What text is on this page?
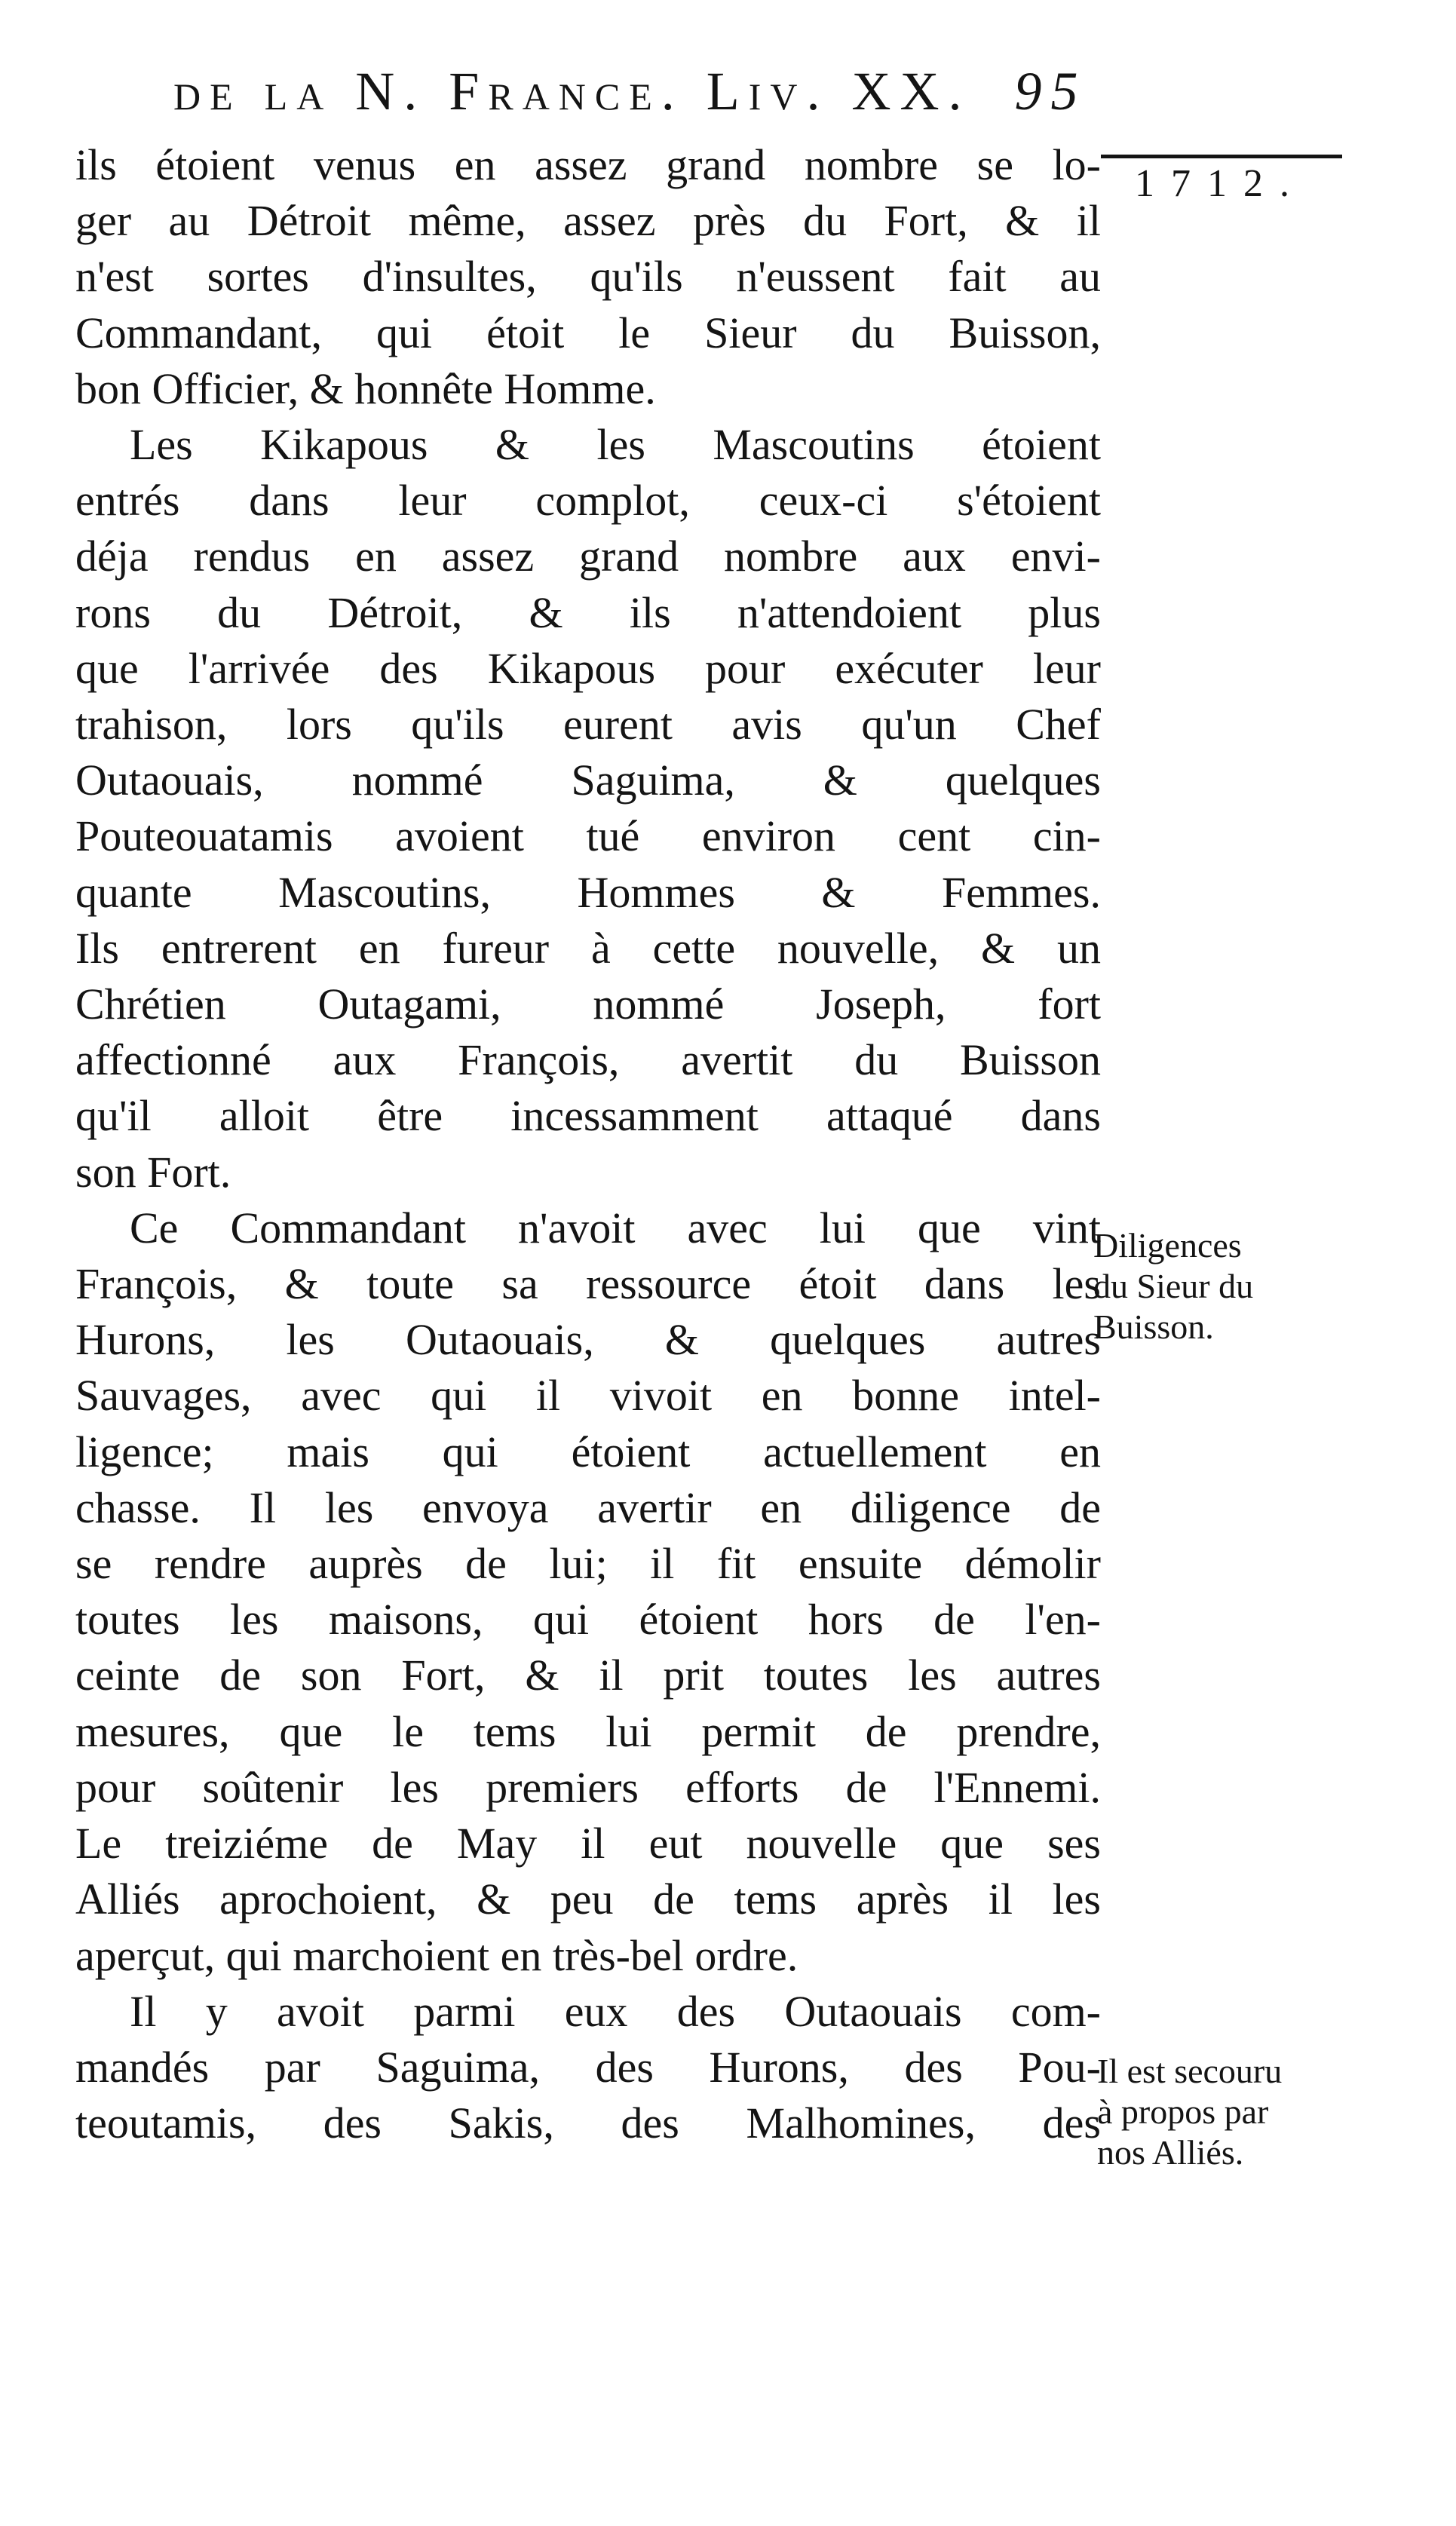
de la N. France. Liv. XX. 95
1712.
ils étoient venus en assez grand nombre se lo-
ger au Détroit même, assez près du Fort, & il
n'est sortes d'insultes, qu'ils n'eussent fait au
Commandant, qui étoit le Sieur du Buisson,
bon Officier, & honnête Homme.
Les Kikapous & les Mascoutins étoient
entrés dans leur complot, ceux-ci s'étoient
déja rendus en assez grand nombre aux envi-
rons du Détroit, & ils n'attendoient plus
que l'arrivée des Kikapous pour exécuter leur
trahison, lors qu'ils eurent avis qu'un Chef
Outaouais, nommé Saguima, & quelques
Pouteouatamis avoient tué environ cent cin-
quante Mascoutins, Hommes & Femmes.
Ils entrerent en fureur à cette nouvelle, & un
Chrétien Outagami, nommé Joseph, fort
affectionné aux François, avertit du Buisson
qu'il alloit être incessamment attaqué dans
son Fort.
Ce Commandant n'avoit avec lui que vint
François, & toute sa ressource étoit dans les
Hurons, les Outaouais, & quelques autres
Sauvages, avec qui il vivoit en bonne intel-
ligence; mais qui étoient actuellement en
chasse. Il les envoya avertir en diligence de
se rendre auprès de lui; il fit ensuite démolir
toutes les maisons, qui étoient hors de l'en-
ceinte de son Fort, & il prit toutes les autres
mesures, que le tems lui permit de prendre,
pour soûtenir les premiers efforts de l'Ennemi.
Le treiziéme de May il eut nouvelle que ses
Alliés aprochoient, & peu de tems après il les
aperçut, qui marchoient en très-bel ordre.
Il y avoit parmi eux des Outaouais com-
mandés par Saguima, des Hurons, des Pou-
teoutamis, des Sakis, des Malhomines, des
Diligences
du Sieur du
Buisson.
Il est secouru
à propos par
nos Alliés.
